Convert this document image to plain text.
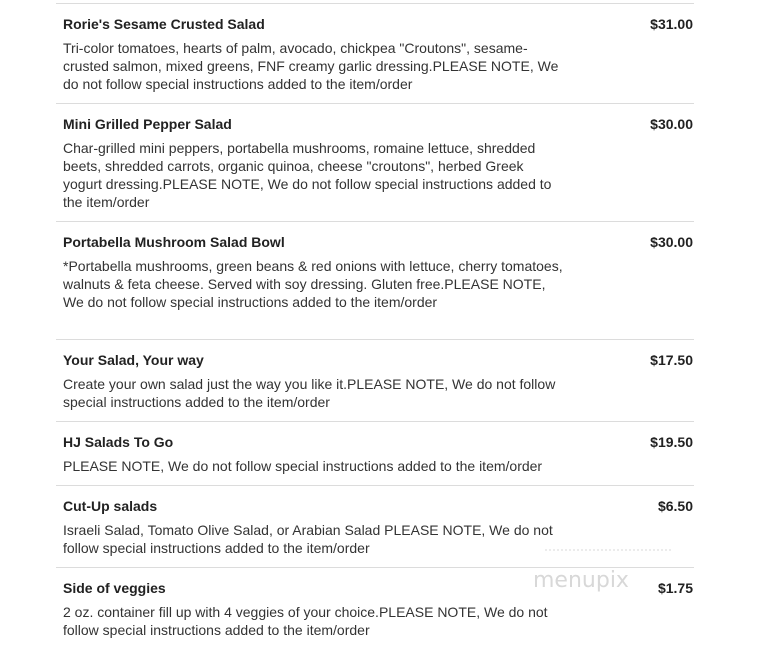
Rorie's Sesame Crusted Salad	$31.00
Tri-color tomatoes, hearts of palm, avocado, chickpea "Croutons", sesame-crusted salmon, mixed greens, FNF creamy garlic dressing.PLEASE NOTE, We do not follow special instructions added to the item/order
Mini Grilled Pepper Salad	$30.00
Char-grilled mini peppers, portabella mushrooms, romaine lettuce, shredded beets, shredded carrots, organic quinoa, cheese "croutons", herbed Greek yogurt dressing.PLEASE NOTE, We do not follow special instructions added to the item/order
Portabella Mushroom Salad Bowl	$30.00
*Portabella mushrooms, green beans & red onions with lettuce, cherry tomatoes, walnuts & feta cheese. Served with soy dressing. Gluten free.PLEASE NOTE, We do not follow special instructions added to the item/order
Your Salad, Your way	$17.50
Create your own salad just the way you like it.PLEASE NOTE, We do not follow special instructions added to the item/order
HJ Salads To Go	$19.50
PLEASE NOTE, We do not follow special instructions added to the item/order
Cut-Up salads	$6.50
Israeli Salad, Tomato Olive Salad, or Arabian Salad PLEASE NOTE, We do not follow special instructions added to the item/order
Side of veggies	$1.75
2 oz. container fill up with 4 veggies of your choice.PLEASE NOTE, We do not follow special instructions added to the item/order
menupix
